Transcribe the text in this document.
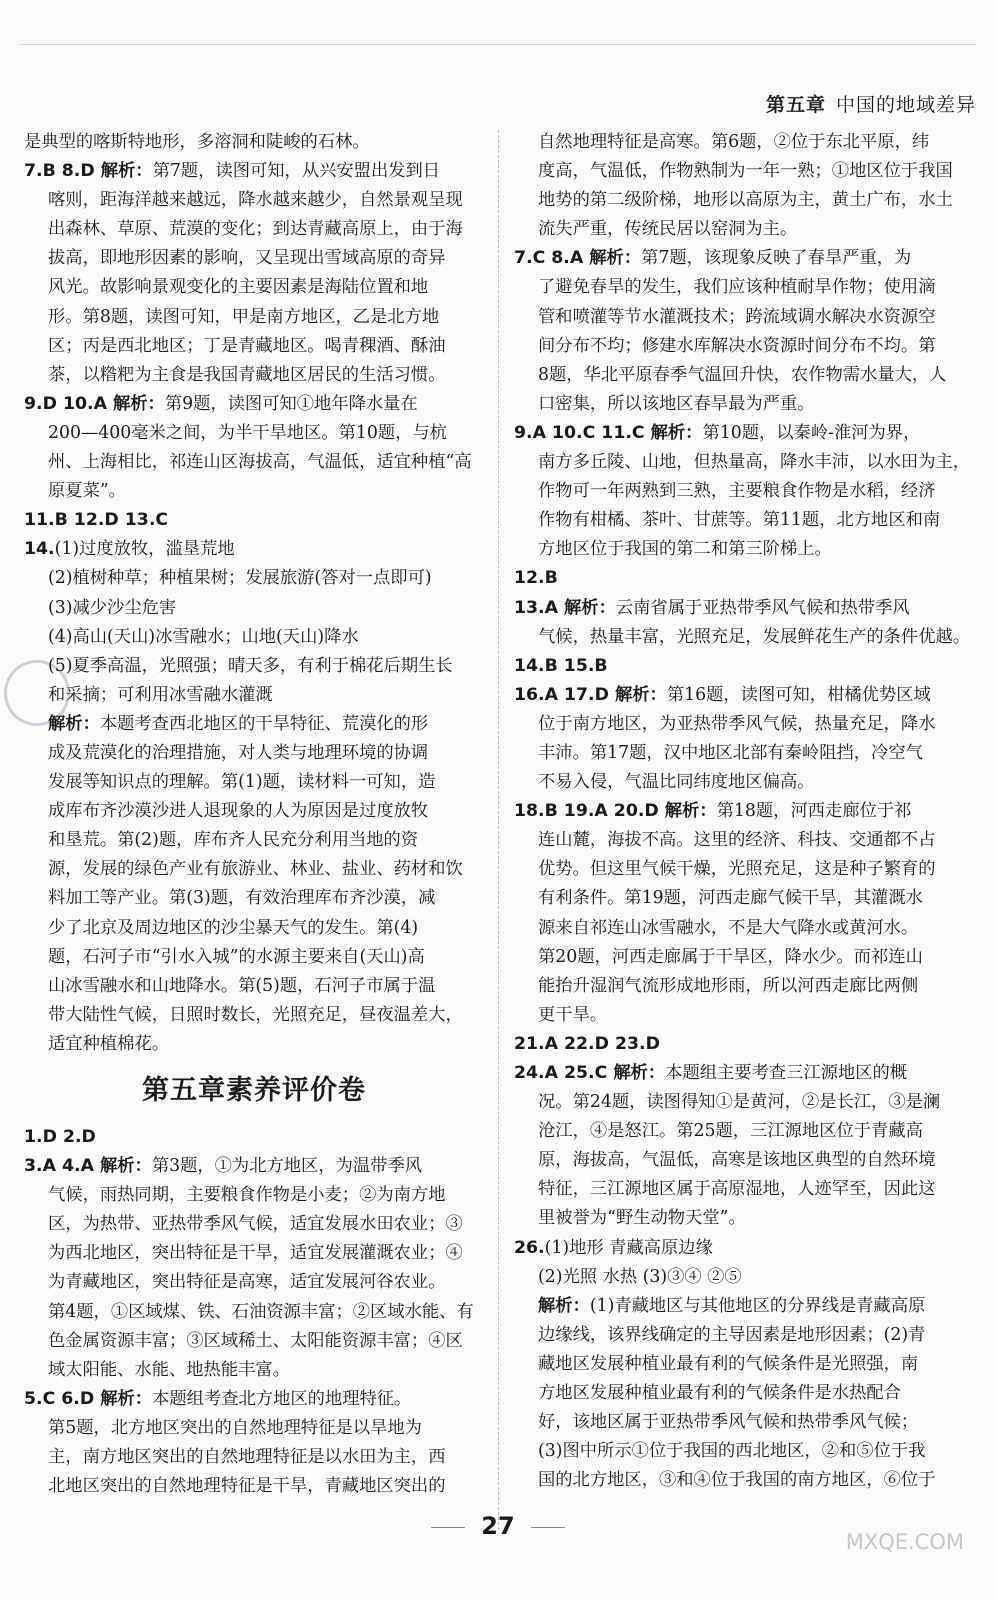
第五章 中国的地域差异
是典型的喀斯特地形，多溶洞和陡峻的石林。
7.B 8.D 解析：第7题，读图可知，从兴安盟出发到日
喀则，距海洋越来越远，降水越来越少，自然景观呈现
出森林、草原、荒漠的变化；到达青藏高原上，由于海
拔高，即地形因素的影响，又呈现出雪域高原的奇异
风光。故影响景观变化的主要因素是海陆位置和地
形。第8题，读图可知，甲是南方地区，乙是北方地
区；丙是西北地区；丁是青藏地区。喝青稞酒、酥油
茶，以糌粑为主食是我国青藏地区居民的生活习惯。
9.D 10.A 解析：第9题，读图可知①地年降水量在
200—400毫米之间，为半干旱地区。第10题，与杭
州、上海相比，祁连山区海拔高，气温低，适宜种植“高
原夏菜”。
11.B 12.D 13.C
14.(1)过度放牧，滥垦荒地
(2)植树种草；种植果树；发展旅游(答对一点即可)
(3)减少沙尘危害
(4)高山(天山)冰雪融水；山地(天山)降水
(5)夏季高温，光照强；晴天多，有利于棉花后期生长
和采摘；可利用冰雪融水灌溉
解析：本题考查西北地区的干旱特征、荒漠化的形
成及荒漠化的治理措施，对人类与地理环境的协调
发展等知识点的理解。第(1)题，读材料一可知，造
成库布齐沙漠沙进人退现象的人为原因是过度放牧
和垦荒。第(2)题，库布齐人民充分利用当地的资
源，发展的绿色产业有旅游业、林业、盐业、药材和饮
料加工等产业。第(3)题，有效治理库布齐沙漠，减
少了北京及周边地区的沙尘暴天气的发生。第(4)
题，石河子市“引水入城”的水源主要来自(天山)高
山冰雪融水和山地降水。第(5)题，石河子市属于温
带大陆性气候，日照时数长，光照充足，昼夜温差大，
适宜种植棉花。
第五章素养评价卷
1.D 2.D
3.A 4.A 解析：第3题，①为北方地区，为温带季风
气候，雨热同期，主要粮食作物是小麦；②为南方地
区，为热带、亚热带季风气候，适宜发展水田农业；③
为西北地区，突出特征是干旱，适宜发展灌溉农业；④
为青藏地区，突出特征是高寒，适宜发展河谷农业。
第4题，①区域煤、铁、石油资源丰富；②区域水能、有
色金属资源丰富；③区域稀土、太阳能资源丰富；④区
域太阳能、水能、地热能丰富。
5.C 6.D 解析：本题组考查北方地区的地理特征。
第5题，北方地区突出的自然地理特征是以旱地为
主，南方地区突出的自然地理特征是以水田为主，西
北地区突出的自然地理特征是干旱，青藏地区突出的
自然地理特征是高寒。第6题，②位于东北平原，纬
度高，气温低，作物熟制为一年一熟；①地区位于我国
地势的第二级阶梯，地形以高原为主，黄土广布，水土
流失严重，传统民居以窑洞为主。
7.C 8.A 解析：第7题，该现象反映了春旱严重，为
了避免春旱的发生，我们应该种植耐旱作物；使用滴
管和喷灌等节水灌溉技术；跨流域调水解决水资源空
间分布不均；修建水库解决水资源时间分布不均。第
8题，华北平原春季气温回升快，农作物需水量大，人
口密集，所以该地区春旱最为严重。
9.A 10.C 11.C 解析：第10题，以秦岭-淮河为界，
南方多丘陵、山地，但热量高，降水丰沛，以水田为主，
作物可一年两熟到三熟，主要粮食作物是水稻，经济
作物有柑橘、茶叶、甘蔗等。第11题，北方地区和南
方地区位于我国的第二和第三阶梯上。
12.B
13.A 解析：云南省属于亚热带季风气候和热带季风
气候，热量丰富，光照充足，发展鲜花生产的条件优越。
14.B 15.B
16.A 17.D 解析：第16题，读图可知，柑橘优势区域
位于南方地区，为亚热带季风气候，热量充足，降水
丰沛。第17题，汉中地区北部有秦岭阻挡，冷空气
不易入侵，气温比同纬度地区偏高。
18.B 19.A 20.D 解析：第18题，河西走廊位于祁
连山麓，海拔不高。这里的经济、科技、交通都不占
优势。但这里气候干燥，光照充足，这是种子繁育的
有利条件。第19题，河西走廊气候干旱，其灌溉水
源来自祁连山冰雪融水，不是大气降水或黄河水。
第20题，河西走廊属于干旱区，降水少。而祁连山
能抬升湿润气流形成地形雨，所以河西走廊比两侧
更干旱。
21.A 22.D 23.D
24.A 25.C 解析：本题组主要考查三江源地区的概
况。第24题，读图得知①是黄河，②是长江，③是澜
沧江，④是怒江。第25题，三江源地区位于青藏高
原，海拔高，气温低，高寒是该地区典型的自然环境
特征，三江源地区属于高原湿地，人迹罕至，因此这
里被誉为“野生动物天堂”。
26.(1)地形 青藏高原边缘
(2)光照 水热 (3)③④ ②⑤
解析：(1)青藏地区与其他地区的分界线是青藏高原
边缘线，该界线确定的主导因素是地形因素；(2)青
藏地区发展种植业最有利的气候条件是光照强，南
方地区发展种植业最有利的气候条件是水热配合
好，该地区属于亚热带季风气候和热带季风气候；
(3)图中所示①位于我国的西北地区，②和⑤位于我
国的北方地区，③和④位于我国的南方地区，⑥位于
27
MXQE.COM
